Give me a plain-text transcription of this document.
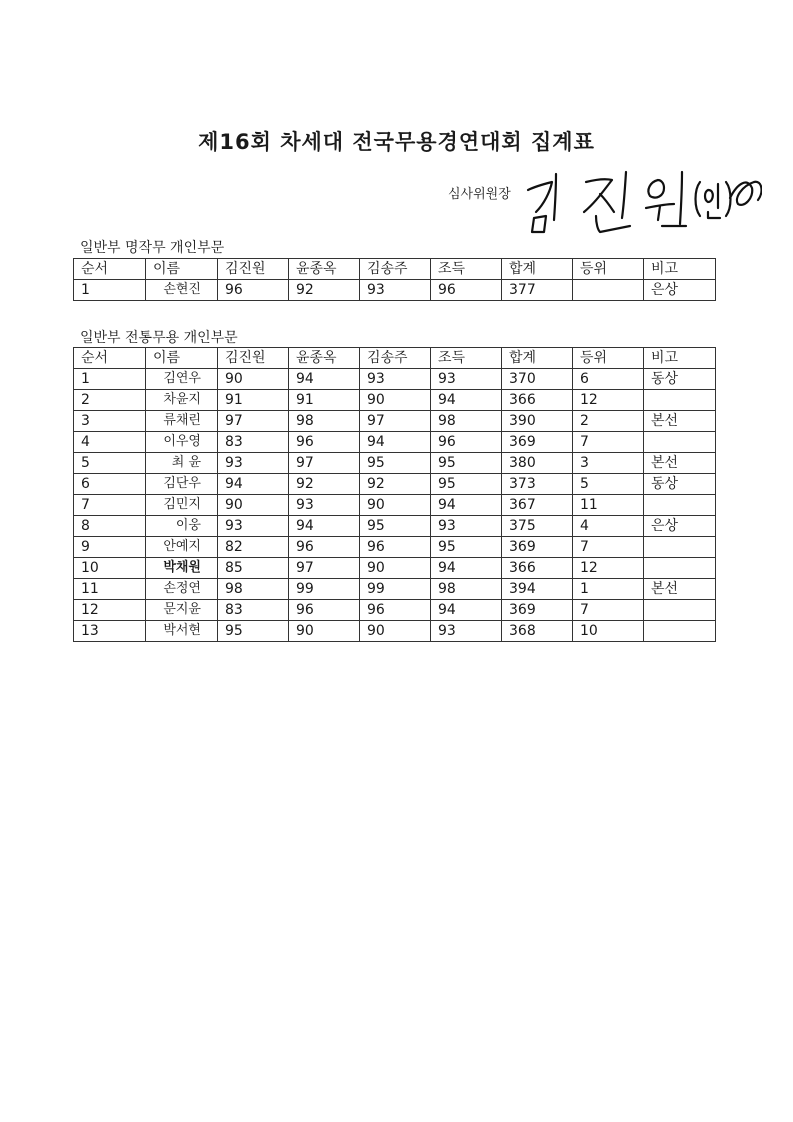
제16회 차세대 전국무용경연대회 집계표
심사위원장
일반부 명작무 개인부문
순서	이름	김진원	윤종옥	김송주	조득	합계	등위	비고
1	손현진	96	92	93	96	377		은상
일반부 전통무용 개인부문
순서	이름	김진원	윤종옥	김송주	조득	합계	등위	비고
1	김연우	90	94	93	93	370	6	동상
2	차윤지	91	91	90	94	366	12	
3	류채린	97	98	97	98	390	2	본선
4	이우영	83	96	94	96	369	7	
5	최 윤	93	97	95	95	380	3	본선
6	김단우	94	92	92	95	373	5	동상
7	김민지	90	93	90	94	367	11	
8	이웅	93	94	95	93	375	4	은상
9	안예지	82	96	96	95	369	7	
10	박채원	85	97	90	94	366	12	
11	손정연	98	99	99	98	394	1	본선
12	문지윤	83	96	96	94	369	7	
13	박서현	95	90	90	93	368	10	
